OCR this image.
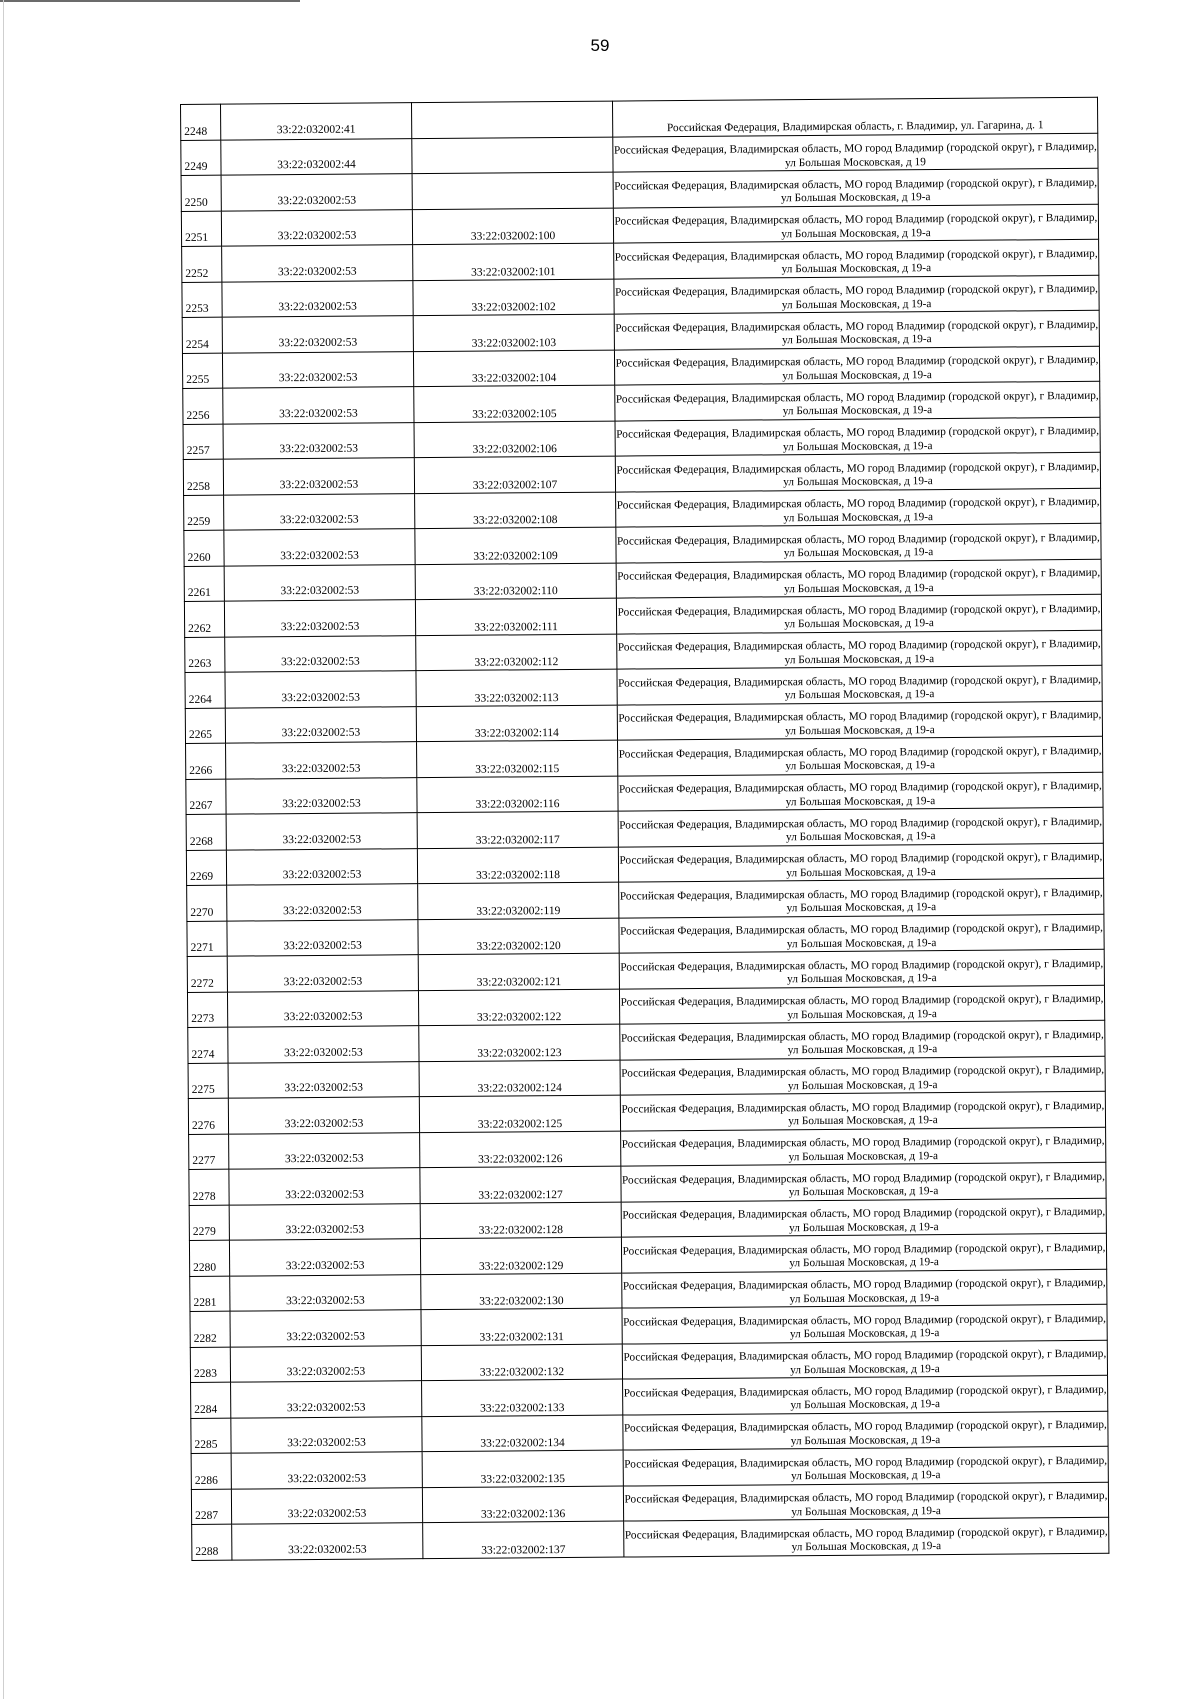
59
2248	33:22:032002:41		Российская Федерация, Владимирская область, г. Владимир, ул. Гагарина, д. 1
2249	33:22:032002:44		Российская Федерация, Владимирская область, МО город Владимир (городской округ), г Владимир, ул Большая Московская, д 19
2250	33:22:032002:53		Российская Федерация, Владимирская область, МО город Владимир (городской округ), г Владимир, ул Большая Московская, д 19-а
2251	33:22:032002:53	33:22:032002:100	Российская Федерация, Владимирская область, МО город Владимир (городской округ), г Владимир, ул Большая Московская, д 19-а
2252	33:22:032002:53	33:22:032002:101	Российская Федерация, Владимирская область, МО город Владимир (городской округ), г Владимир, ул Большая Московская, д 19-а
2253	33:22:032002:53	33:22:032002:102	Российская Федерация, Владимирская область, МО город Владимир (городской округ), г Владимир, ул Большая Московская, д 19-а
2254	33:22:032002:53	33:22:032002:103	Российская Федерация, Владимирская область, МО город Владимир (городской округ), г Владимир, ул Большая Московская, д 19-а
2255	33:22:032002:53	33:22:032002:104	Российская Федерация, Владимирская область, МО город Владимир (городской округ), г Владимир, ул Большая Московская, д 19-а
2256	33:22:032002:53	33:22:032002:105	Российская Федерация, Владимирская область, МО город Владимир (городской округ), г Владимир, ул Большая Московская, д 19-а
2257	33:22:032002:53	33:22:032002:106	Российская Федерация, Владимирская область, МО город Владимир (городской округ), г Владимир, ул Большая Московская, д 19-а
2258	33:22:032002:53	33:22:032002:107	Российская Федерация, Владимирская область, МО город Владимир (городской округ), г Владимир, ул Большая Московская, д 19-а
2259	33:22:032002:53	33:22:032002:108	Российская Федерация, Владимирская область, МО город Владимир (городской округ), г Владимир, ул Большая Московская, д 19-а
2260	33:22:032002:53	33:22:032002:109	Российская Федерация, Владимирская область, МО город Владимир (городской округ), г Владимир, ул Большая Московская, д 19-а
2261	33:22:032002:53	33:22:032002:110	Российская Федерация, Владимирская область, МО город Владимир (городской округ), г Владимир, ул Большая Московская, д 19-а
2262	33:22:032002:53	33:22:032002:111	Российская Федерация, Владимирская область, МО город Владимир (городской округ), г Владимир, ул Большая Московская, д 19-а
2263	33:22:032002:53	33:22:032002:112	Российская Федерация, Владимирская область, МО город Владимир (городской округ), г Владимир, ул Большая Московская, д 19-а
2264	33:22:032002:53	33:22:032002:113	Российская Федерация, Владимирская область, МО город Владимир (городской округ), г Владимир, ул Большая Московская, д 19-а
2265	33:22:032002:53	33:22:032002:114	Российская Федерация, Владимирская область, МО город Владимир (городской округ), г Владимир, ул Большая Московская, д 19-а
2266	33:22:032002:53	33:22:032002:115	Российская Федерация, Владимирская область, МО город Владимир (городской округ), г Владимир, ул Большая Московская, д 19-а
2267	33:22:032002:53	33:22:032002:116	Российская Федерация, Владимирская область, МО город Владимир (городской округ), г Владимир, ул Большая Московская, д 19-а
2268	33:22:032002:53	33:22:032002:117	Российская Федерация, Владимирская область, МО город Владимир (городской округ), г Владимир, ул Большая Московская, д 19-а
2269	33:22:032002:53	33:22:032002:118	Российская Федерация, Владимирская область, МО город Владимир (городской округ), г Владимир, ул Большая Московская, д 19-а
2270	33:22:032002:53	33:22:032002:119	Российская Федерация, Владимирская область, МО город Владимир (городской округ), г Владимир, ул Большая Московская, д 19-а
2271	33:22:032002:53	33:22:032002:120	Российская Федерация, Владимирская область, МО город Владимир (городской округ), г Владимир, ул Большая Московская, д 19-а
2272	33:22:032002:53	33:22:032002:121	Российская Федерация, Владимирская область, МО город Владимир (городской округ), г Владимир, ул Большая Московская, д 19-а
2273	33:22:032002:53	33:22:032002:122	Российская Федерация, Владимирская область, МО город Владимир (городской округ), г Владимир, ул Большая Московская, д 19-а
2274	33:22:032002:53	33:22:032002:123	Российская Федерация, Владимирская область, МО город Владимир (городской округ), г Владимир, ул Большая Московская, д 19-а
2275	33:22:032002:53	33:22:032002:124	Российская Федерация, Владимирская область, МО город Владимир (городской округ), г Владимир, ул Большая Московская, д 19-а
2276	33:22:032002:53	33:22:032002:125	Российская Федерация, Владимирская область, МО город Владимир (городской округ), г Владимир, ул Большая Московская, д 19-а
2277	33:22:032002:53	33:22:032002:126	Российская Федерация, Владимирская область, МО город Владимир (городской округ), г Владимир, ул Большая Московская, д 19-а
2278	33:22:032002:53	33:22:032002:127	Российская Федерация, Владимирская область, МО город Владимир (городской округ), г Владимир, ул Большая Московская, д 19-а
2279	33:22:032002:53	33:22:032002:128	Российская Федерация, Владимирская область, МО город Владимир (городской округ), г Владимир, ул Большая Московская, д 19-а
2280	33:22:032002:53	33:22:032002:129	Российская Федерация, Владимирская область, МО город Владимир (городской округ), г Владимир, ул Большая Московская, д 19-а
2281	33:22:032002:53	33:22:032002:130	Российская Федерация, Владимирская область, МО город Владимир (городской округ), г Владимир, ул Большая Московская, д 19-а
2282	33:22:032002:53	33:22:032002:131	Российская Федерация, Владимирская область, МО город Владимир (городской округ), г Владимир, ул Большая Московская, д 19-а
2283	33:22:032002:53	33:22:032002:132	Российская Федерация, Владимирская область, МО город Владимир (городской округ), г Владимир, ул Большая Московская, д 19-а
2284	33:22:032002:53	33:22:032002:133	Российская Федерация, Владимирская область, МО город Владимир (городской округ), г Владимир, ул Большая Московская, д 19-а
2285	33:22:032002:53	33:22:032002:134	Российская Федерация, Владимирская область, МО город Владимир (городской округ), г Владимир, ул Большая Московская, д 19-а
2286	33:22:032002:53	33:22:032002:135	Российская Федерация, Владимирская область, МО город Владимир (городской округ), г Владимир, ул Большая Московская, д 19-а
2287	33:22:032002:53	33:22:032002:136	Российская Федерация, Владимирская область, МО город Владимир (городской округ), г Владимир, ул Большая Московская, д 19-а
2288	33:22:032002:53	33:22:032002:137	Российская Федерация, Владимирская область, МО город Владимир (городской округ), г Владимир, ул Большая Московская, д 19-а
